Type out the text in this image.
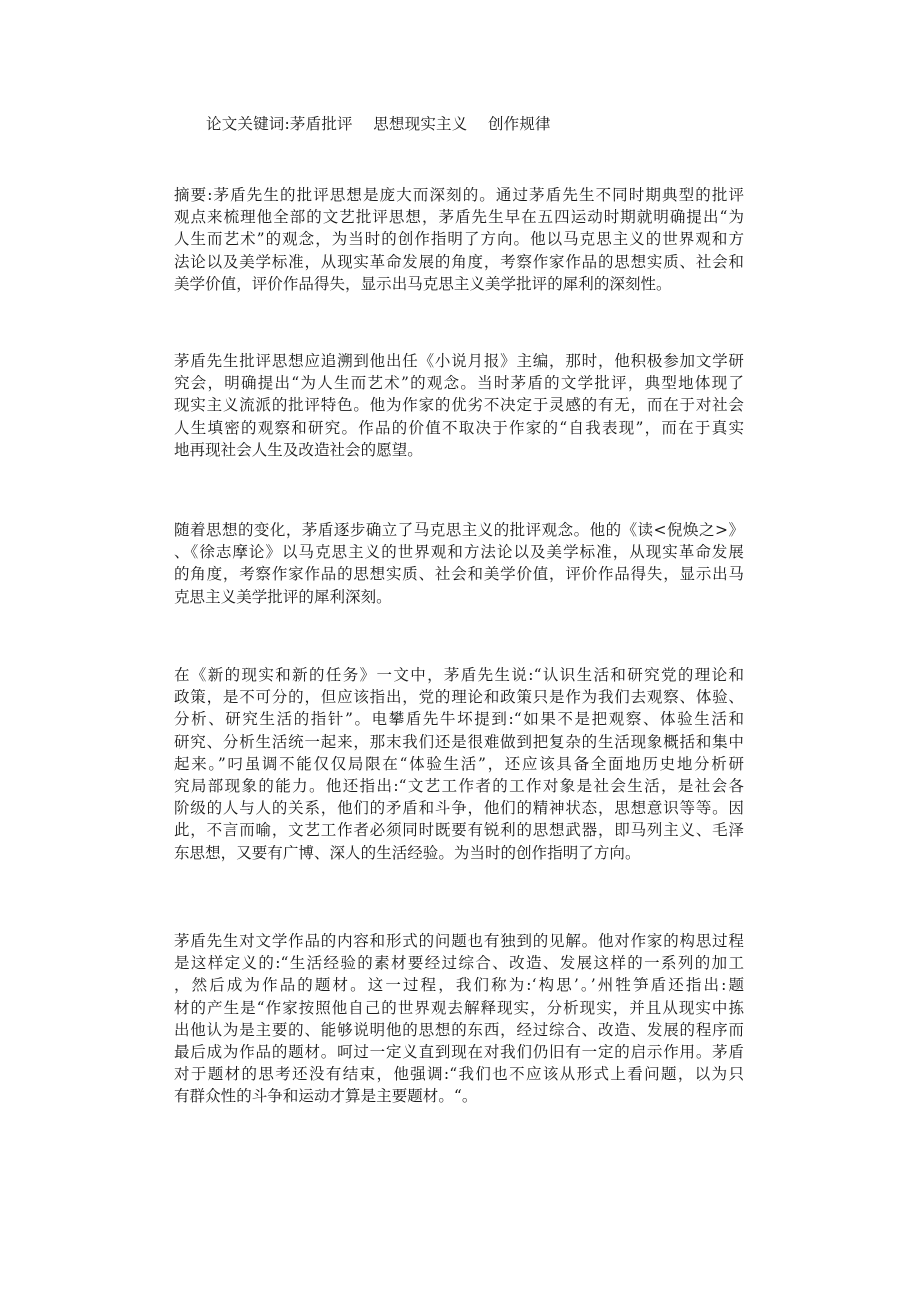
论文关键词:茅盾批评    思想现实主义    创作规律
摘要:茅盾先生的批评思想是庞大而深刻的。通过茅盾先生不同时期典型的批评
观点来梳理他全部的文艺批评思想，茅盾先生早在五四运动时期就明确提出“为
人生而艺术”的观念，为当时的创作指明了方向。他以马克思主义的世界观和方
法论以及美学标准，从现实革命发展的角度，考察作家作品的思想实质、社会和
美学价值，评价作品得失，显示出马克思主义美学批评的犀利的深刻性。
茅盾先生批评思想应追溯到他出任《小说月报》主编，那时，他积极参加文学研
究会，明确提出“为人生而艺术”的观念。当时茅盾的文学批评，典型地体现了
现实主义流派的批评特色。他为作家的优劣不决定于灵感的有无，而在于对社会
人生填密的观察和研究。作品的价值不取决于作家的“自我表现”，而在于真实
地再现社会人生及改造社会的愿望。
随着思想的变化，茅盾逐步确立了马克思主义的批评观念。他的《读<倪焕之>》
、《徐志摩论》以马克思主义的世界观和方法论以及美学标准，从现实革命发展
的角度，考察作家作品的思想实质、社会和美学价值，评价作品得失，显示出马
克思主义美学批评的犀利深刻。
在《新的现实和新的任务》一文中，茅盾先生说:“认识生活和研究党的理论和
政策，是不可分的，但应该指出，党的理论和政策只是作为我们去观察、体验、
分析、研究生活的指针”。电攀盾先牛坏提到:“如果不是把观察、体验生活和
研究、分析生活统一起来，那末我们还是很难做到把复杂的生活现象概括和集中
起来。”叼虽调不能仅仅局限在“体验生活”，还应该具备全面地历史地分析研
究局部现象的能力。他还指出:“文艺工作者的工作对象是社会生活，是社会各
阶级的人与人的关系，他们的矛盾和斗争，他们的精神状态，思想意识等等。因
此，不言而喻，文艺工作者必须同时既要有锐利的思想武器，即马列主义、毛泽
东思想，又要有广博、深人的生活经验。为当时的创作指明了方向。
茅盾先生对文学作品的内容和形式的问题也有独到的见解。他对作家的构思过程
是这样定义的:“生活经验的素材要经过综合、改造、发展这样的一系列的加工
，然后成为作品的题材。这一过程，我们称为:‘构思’。’州牲笋盾还指出:题
材的产生是“作家按照他自己的世界观去解释现实，分析现实，并且从现实中拣
出他认为是主要的、能够说明他的思想的东西，经过综合、改造、发展的程序而
最后成为作品的题材。呵过一定义直到现在对我们仍旧有一定的启示作用。茅盾
对于题材的思考还没有结束，他强调:“我们也不应该从形式上看问题，以为只
有群众性的斗争和运动才算是主要题材。“。
